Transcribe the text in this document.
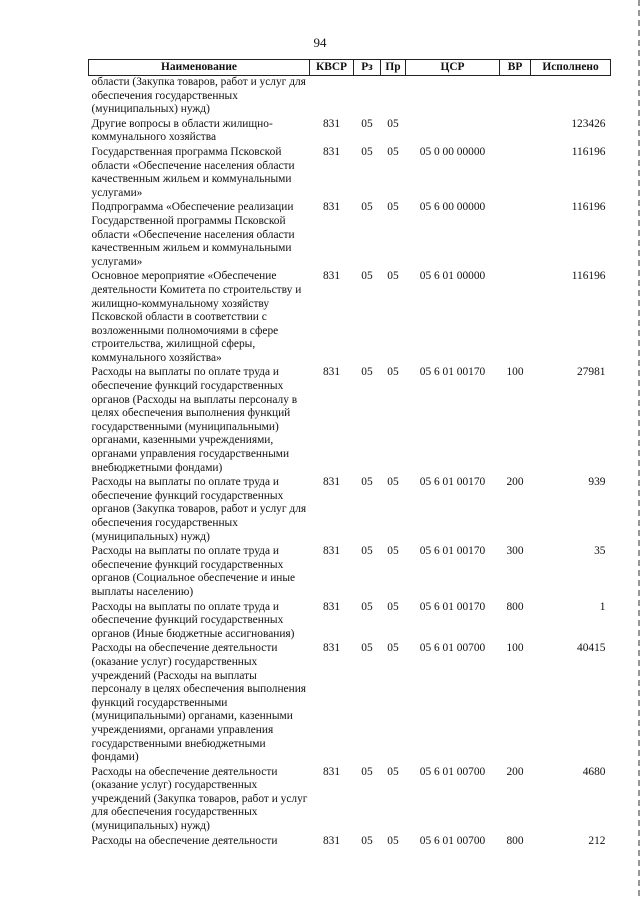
94
Наименование	КВСР	Рз	Пр	ЦСР	ВР	Исполнено
области (Закупка товаров, работ и услуг для обеспечения государственных (муниципальных) нужд)						
Другие вопросы в области жилищно-коммунального хозяйства	831	05	05			123426
Государственная программа Псковской области «Обеспечение населения области качественным жильем и коммунальными услугами»	831	05	05	05 0 00 00000		116196
Подпрограмма «Обеспечение реализации Государственной программы Псковской области «Обеспечение населения области качественным жильем и коммунальными услугами»	831	05	05	05 6 00 00000		116196
Основное мероприятие «Обеспечение деятельности Комитета по строительству и жилищно-коммунальному хозяйству Псковской области в соответствии с возложенными полномочиями в сфере строительства, жилищной сферы, коммунального хозяйства»	831	05	05	05 6 01 00000		116196
Расходы на выплаты по оплате труда и обеспечение функций государственных органов (Расходы на выплаты персоналу в целях обеспечения выполнения функций государственными (муниципальными) органами, казенными учреждениями, органами управления государственными внебюджетными фондами)	831	05	05	05 6 01 00170	100	27981
Расходы на выплаты по оплате труда и обеспечение функций государственных органов (Закупка товаров, работ и услуг для обеспечения государственных (муниципальных) нужд)	831	05	05	05 6 01 00170	200	939
Расходы на выплаты по оплате труда и обеспечение функций государственных органов (Социальное обеспечение и иные выплаты населению)	831	05	05	05 6 01 00170	300	35
Расходы на выплаты по оплате труда и обеспечение функций государственных органов (Иные бюджетные ассигнования)	831	05	05	05 6 01 00170	800	1
Расходы на обеспечение деятельности (оказание услуг) государственных учреждений (Расходы на выплаты персоналу в целях обеспечения выполнения функций государственными (муниципальными) органами, казенными учреждениями, органами управления государственными внебюджетными фондами)	831	05	05	05 6 01 00700	100	40415
Расходы на обеспечение деятельности (оказание услуг) государственных учреждений (Закупка товаров, работ и услуг для обеспечения государственных (муниципальных) нужд)	831	05	05	05 6 01 00700	200	4680
Расходы на обеспечение деятельности	831	05	05	05 6 01 00700	800	212
